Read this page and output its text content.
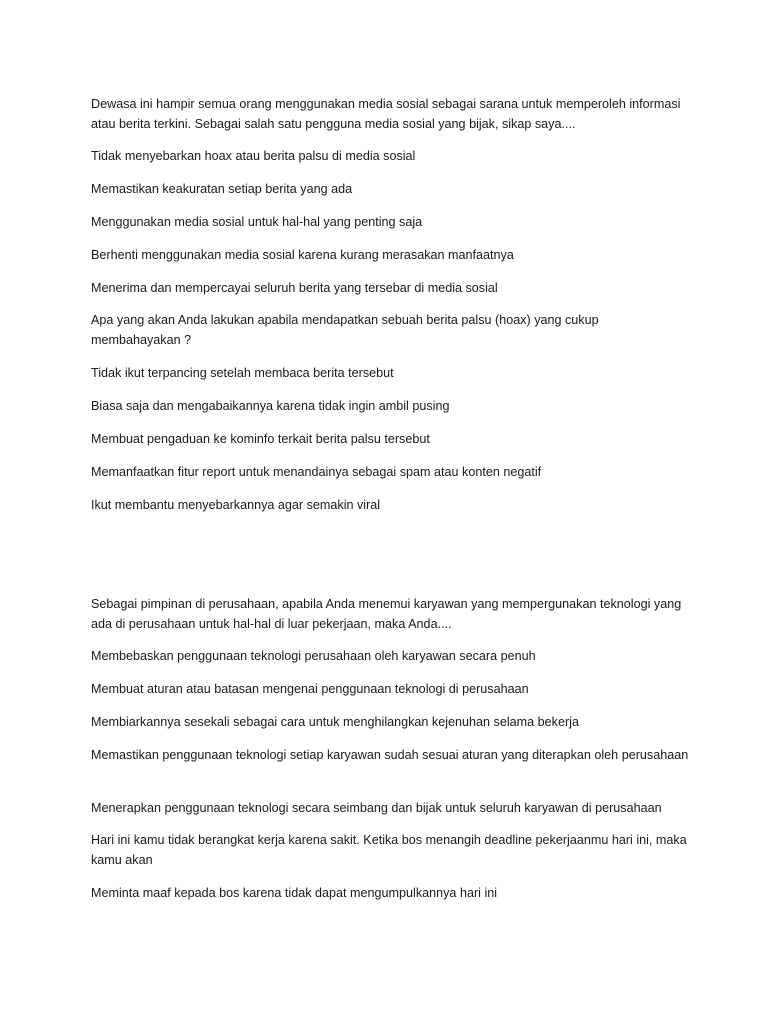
Dewasa ini hampir semua orang menggunakan media sosial sebagai sarana untuk memperoleh informasi atau berita terkini. Sebagai salah satu pengguna media sosial yang bijak, sikap saya....

Tidak menyebarkan hoax atau berita palsu di media sosial

Memastikan keakuratan setiap berita yang ada

Menggunakan media sosial untuk hal-hal yang penting saja

Berhenti menggunakan media sosial karena kurang merasakan manfaatnya

Menerima dan mempercayai seluruh berita yang tersebar di media sosial

Apa yang akan Anda lakukan apabila mendapatkan sebuah berita palsu (hoax) yang cukup membahayakan ?

Tidak ikut terpancing setelah membaca berita tersebut

Biasa saja dan mengabaikannya karena tidak ingin ambil pusing

Membuat pengaduan ke kominfo terkait berita palsu tersebut

Memanfaatkan fitur report untuk menandainya sebagai spam atau konten negatif

Ikut membantu menyebarkannya agar semakin viral

Sebagai pimpinan di perusahaan, apabila Anda menemui karyawan yang mempergunakan teknologi yang ada di perusahaan untuk hal-hal di luar pekerjaan, maka Anda....

Membebaskan penggunaan teknologi perusahaan oleh karyawan secara penuh

Membuat aturan atau batasan mengenai penggunaan teknologi di perusahaan

Membiarkannya sesekali sebagai cara untuk menghilangkan kejenuhan selama bekerja

Memastikan penggunaan teknologi setiap karyawan sudah sesuai aturan yang diterapkan oleh perusahaan

Menerapkan penggunaan teknologi secara seimbang dan bijak untuk seluruh karyawan di perusahaan

Hari ini kamu tidak berangkat kerja karena sakit. Ketika bos menangih deadline pekerjaanmu hari ini, maka kamu akan

Meminta maaf kepada bos karena tidak dapat mengumpulkannya hari ini
